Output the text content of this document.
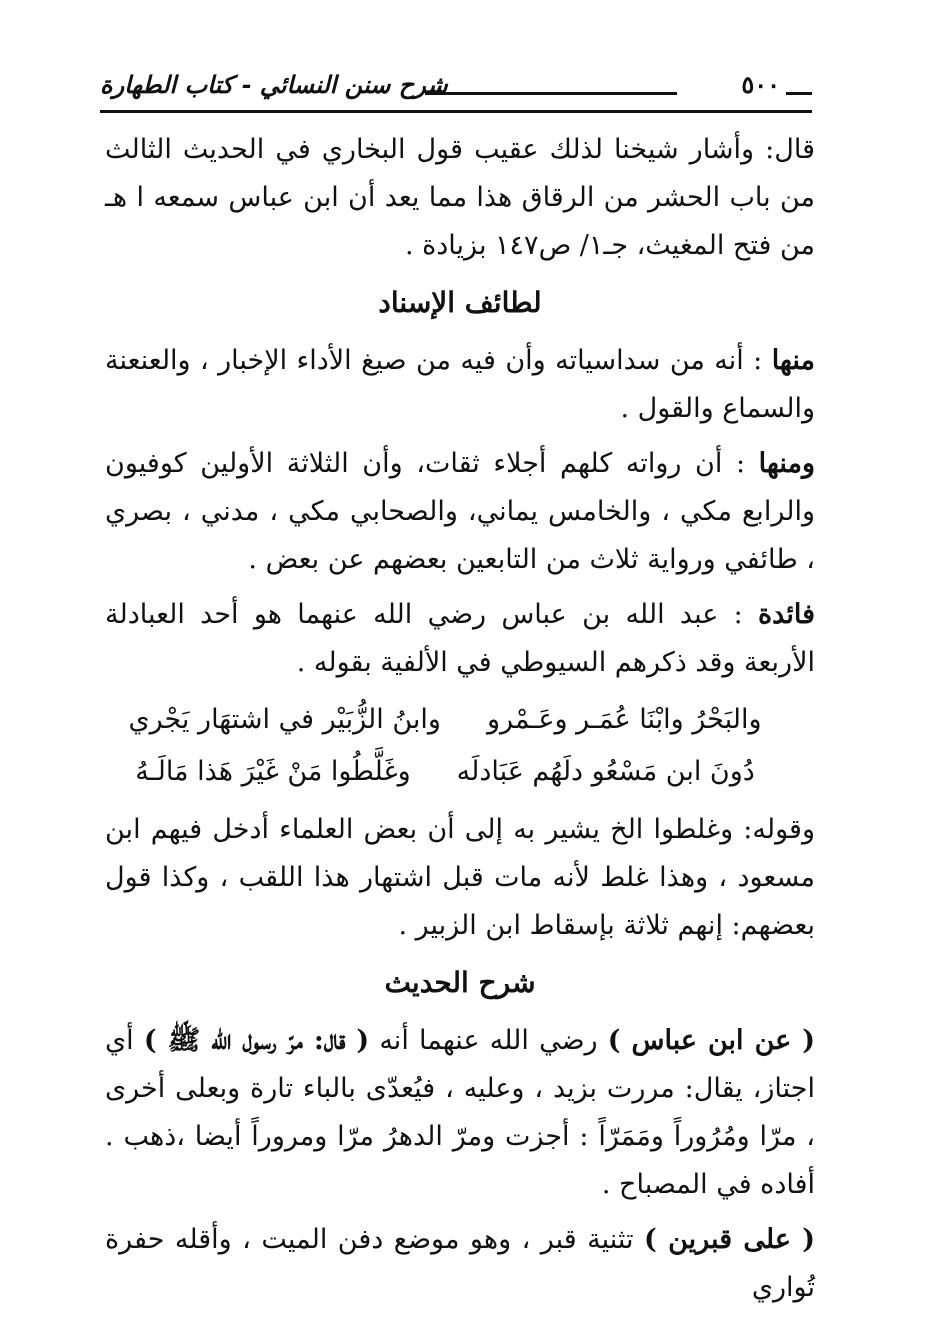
شرح سنن النسائي - كتاب الطهارة	٥٠٠

قال: وأشار شيخنا لذلك عقيب قول البخاري في الحديث الثالث من باب الحشر من الرقاق هذا مما يعد أن ابن عباس سمعه ا هـ من فتح المغيث، جـ١/ ص١٤٧ بزيادة .

لطائف الإسناد

منها : أنه من سداسياته وأن فيه من صيغ الأداء الإخبار ، والعنعنة والسماع والقول .

ومنها : أن رواته كلهم أجلاء ثقات، وأن الثلاثة الأولين كوفيون والرابع مكي ، والخامس يماني، والصحابي مكي ، مدني ، بصري ، طائفي ورواية ثلاث من التابعين بعضهم عن بعض .

فائدة : عبد الله بن عباس رضي الله عنهما هو أحد العبادلة الأربعة وقد ذكرهم السيوطي في الألفية بقوله .

والبَحْرُ وابْنَا عُمَـر وعَـمْرو
وابنُ الزُّبَيْر في اشتهَار يَجْري
دُونَ ابن مَسْعُو دلَهُم عَبَادلَه
وغَلَّطُوا مَنْ غَيْرَ هَذا مَالَـهُ

وقوله: وغلطوا الخ يشير به إلى أن بعض العلماء أدخل فيهم ابن مسعود ، وهذا غلط لأنه مات قبل اشتهار هذا اللقب ، وكذا قول بعضهم: إنهم ثلاثة بإسقاط ابن الزبير .

شرح الحديث

( عن ابن عباس ) رضي الله عنهما أنه ( قال: مرّ رسول الله ﷺ ) أي اجتاز، يقال: مررت بزيد ، وعليه ، فيُعدّى بالباء تارة وبعلى أخرى ، مرّا ومُرُوراً ومَمَرّاً : أجزت ومرّ الدهرُ مرّا ومروراً أيضا ،ذهب . أفاده في المصباح .

( على قبرين ) تثنية قبر ، وهو موضع دفن الميت ، وأقله حفرة تُواري
